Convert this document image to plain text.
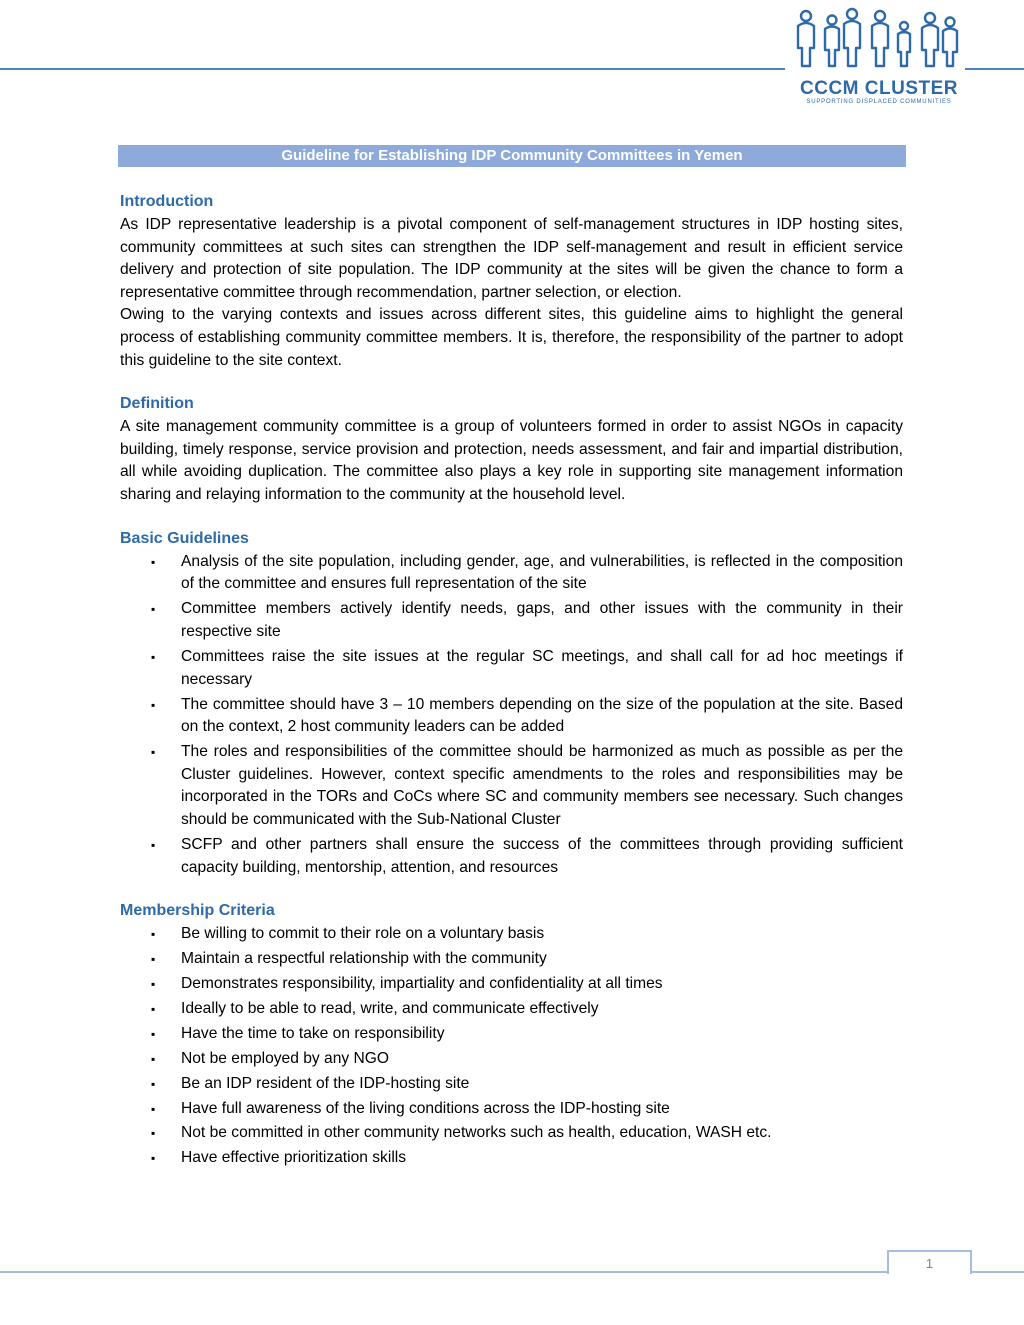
CCCM CLUSTER
SUPPORTING DISPLACED COMMUNITIES
Guideline for Establishing IDP Community Committees in Yemen
Introduction

As IDP representative leadership is a pivotal component of self-management structures in IDP hosting sites, community committees at such sites can strengthen the IDP self-management and result in efficient service delivery and protection of site population. The IDP community at the sites will be given the chance to form a representative committee through recommendation, partner selection, or election.

Owing to the varying contexts and issues across different sites, this guideline aims to highlight the general process of establishing community committee members. It is, therefore, the responsibility of the partner to adopt this guideline to the site context.

Definition

A site management community committee is a group of volunteers formed in order to assist NGOs in capacity building, timely response, service provision and protection, needs assessment, and fair and impartial distribution, all while avoiding duplication. The committee also plays a key role in supporting site management information sharing and relaying information to the community at the household level.

Basic Guidelines
▪ Analysis of the site population, including gender, age, and vulnerabilities, is reflected in the composition of the committee and ensures full representation of the site
▪ Committee members actively identify needs, gaps, and other issues with the community in their respective site
▪ Committees raise the site issues at the regular SC meetings, and shall call for ad hoc meetings if necessary
▪ The committee should have 3 – 10 members depending on the size of the population at the site. Based on the context, 2 host community leaders can be added
▪ The roles and responsibilities of the committee should be harmonized as much as possible as per the Cluster guidelines. However, context specific amendments to the roles and responsibilities may be incorporated in the TORs and CoCs where SC and community members see necessary. Such changes should be communicated with the Sub-National Cluster
▪ SCFP and other partners shall ensure the success of the committees through providing sufficient capacity building, mentorship, attention, and resources
Membership Criteria
▪ Be willing to commit to their role on a voluntary basis
▪ Maintain a respectful relationship with the community
▪ Demonstrates responsibility, impartiality and confidentiality at all times
▪ Ideally to be able to read, write, and communicate effectively
▪ Have the time to take on responsibility
▪ Not be employed by any NGO
▪ Be an IDP resident of the IDP-hosting site
▪ Have full awareness of the living conditions across the IDP-hosting site
▪ Not be committed in other community networks such as health, education, WASH etc.
▪ Have effective prioritization skills
1
